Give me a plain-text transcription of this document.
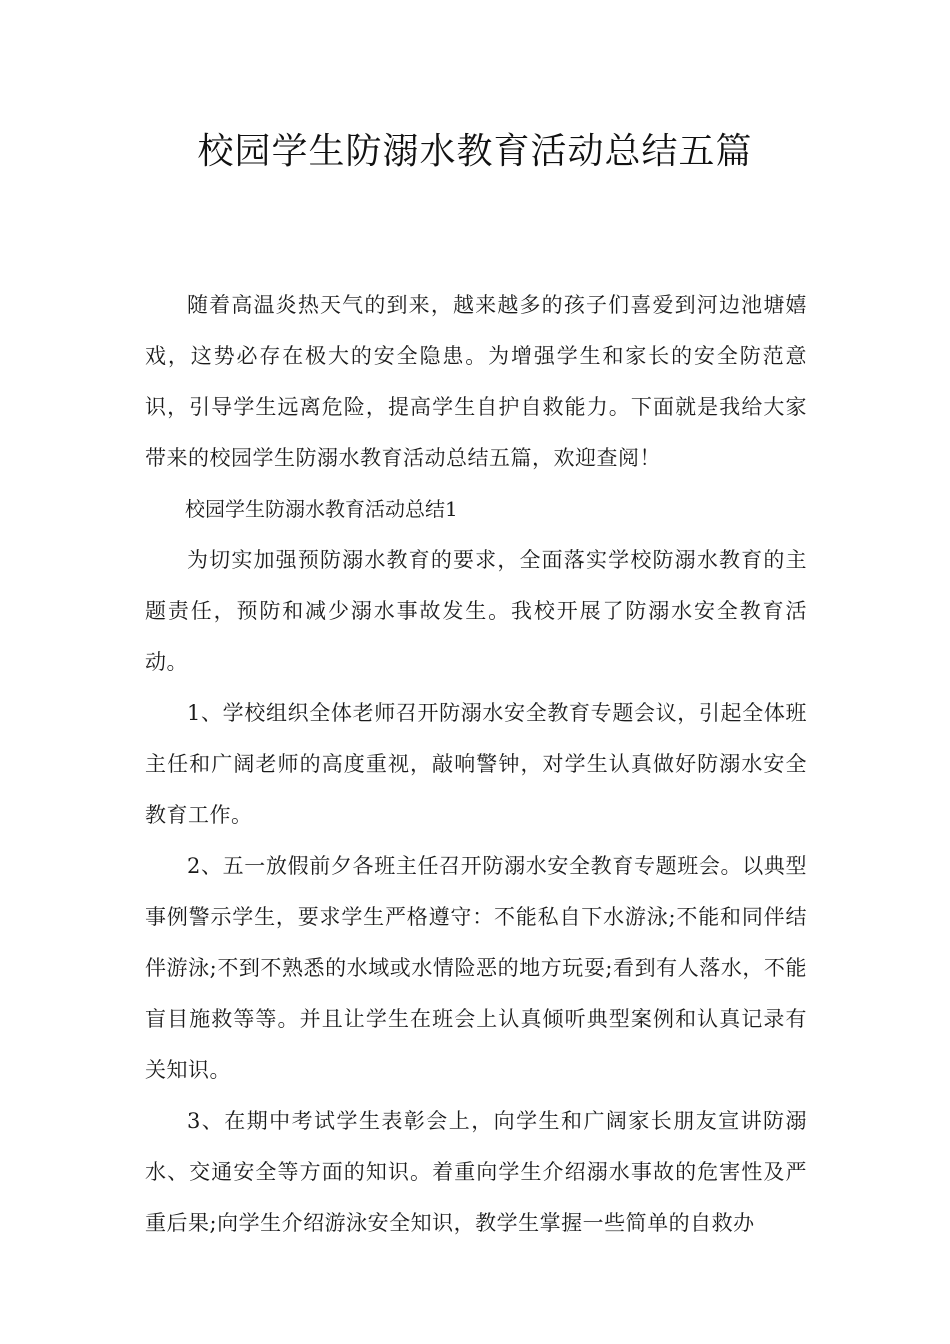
校园学生防溺水教育活动总结五篇

随着高温炎热天气的到来，越来越多的孩子们喜爱到河边池塘嬉戏，这势必存在极大的安全隐患。为增强学生和家长的安全防范意识，引导学生远离危险，提高学生自护自救能力。下面就是我给大家带来的校园学生防溺水教育活动总结五篇，欢迎查阅！

校园学生防溺水教育活动总结1

为切实加强预防溺水教育的要求，全面落实学校防溺水教育的主题责任，预防和减少溺水事故发生。我校开展了防溺水安全教育活动。

1、学校组织全体老师召开防溺水安全教育专题会议，引起全体班主任和广阔老师的高度重视，敲响警钟，对学生认真做好防溺水安全教育工作。

2、五一放假前夕各班主任召开防溺水安全教育专题班会。以典型事例警示学生，要求学生严格遵守：不能私自下水游泳;不能和同伴结伴游泳;不到不熟悉的水域或水情险恶的地方玩耍;看到有人落水，不能盲目施救等等。并且让学生在班会上认真倾听典型案例和认真记录有关知识。

3、在期中考试学生表彰会上，向学生和广阔家长朋友宣讲防溺水、交通安全等方面的知识。着重向学生介绍溺水事故的危害性及严重后果;向学生介绍游泳安全知识，教学生掌握一些简单的自救办
